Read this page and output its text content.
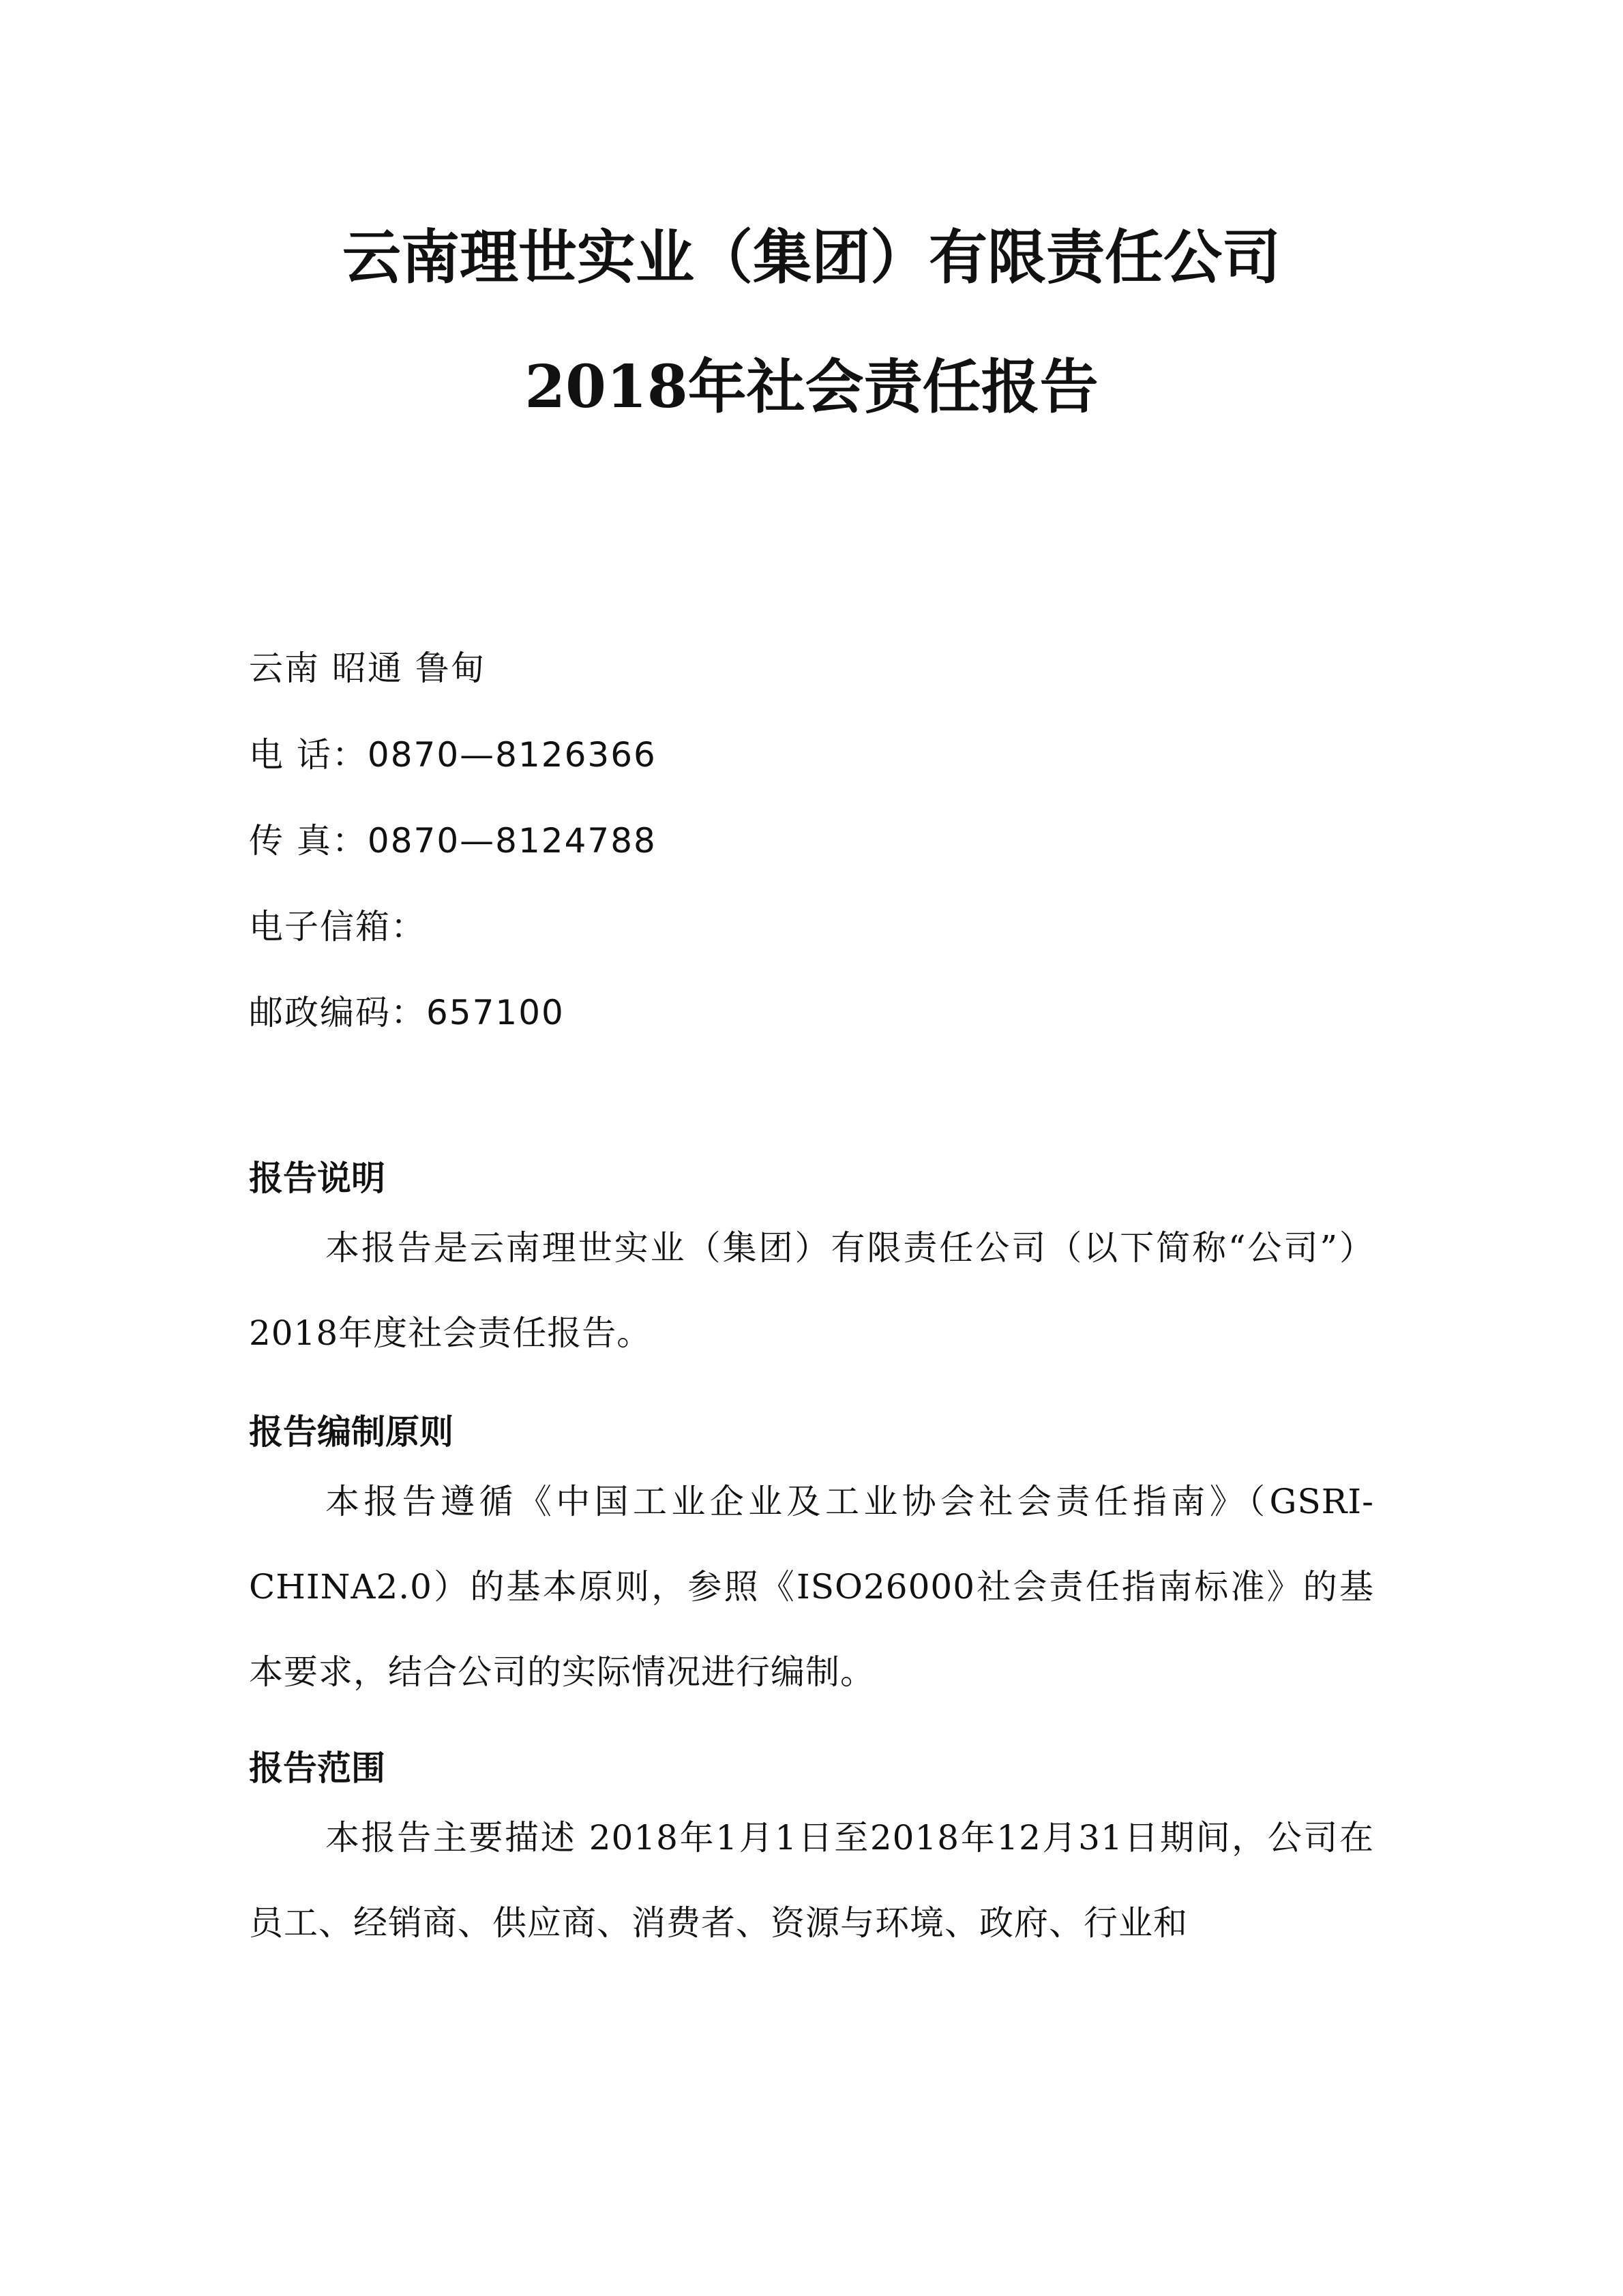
云南理世实业（集团）有限责任公司
2018年社会责任报告
云南 昭通 鲁甸
电 话：0870—8126366
传 真：0870—8124788
电子信箱：
邮政编码：657100
报告说明
本报告是云南理世实业（集团）有限责任公司（以下简称“公司”）2018年度社会责任报告。
报告编制原则
本报告遵循《中国工业企业及工业协会社会责任指南》（GSRI-CHINA2.0）的基本原则，参照《ISO26000社会责任指南标准》的基本要求，结合公司的实际情况进行编制。
报告范围
本报告主要描述 2018年1月1日至2018年12月31日期间，公司在员工、经销商、供应商、消费者、资源与环境、政府、行业和
